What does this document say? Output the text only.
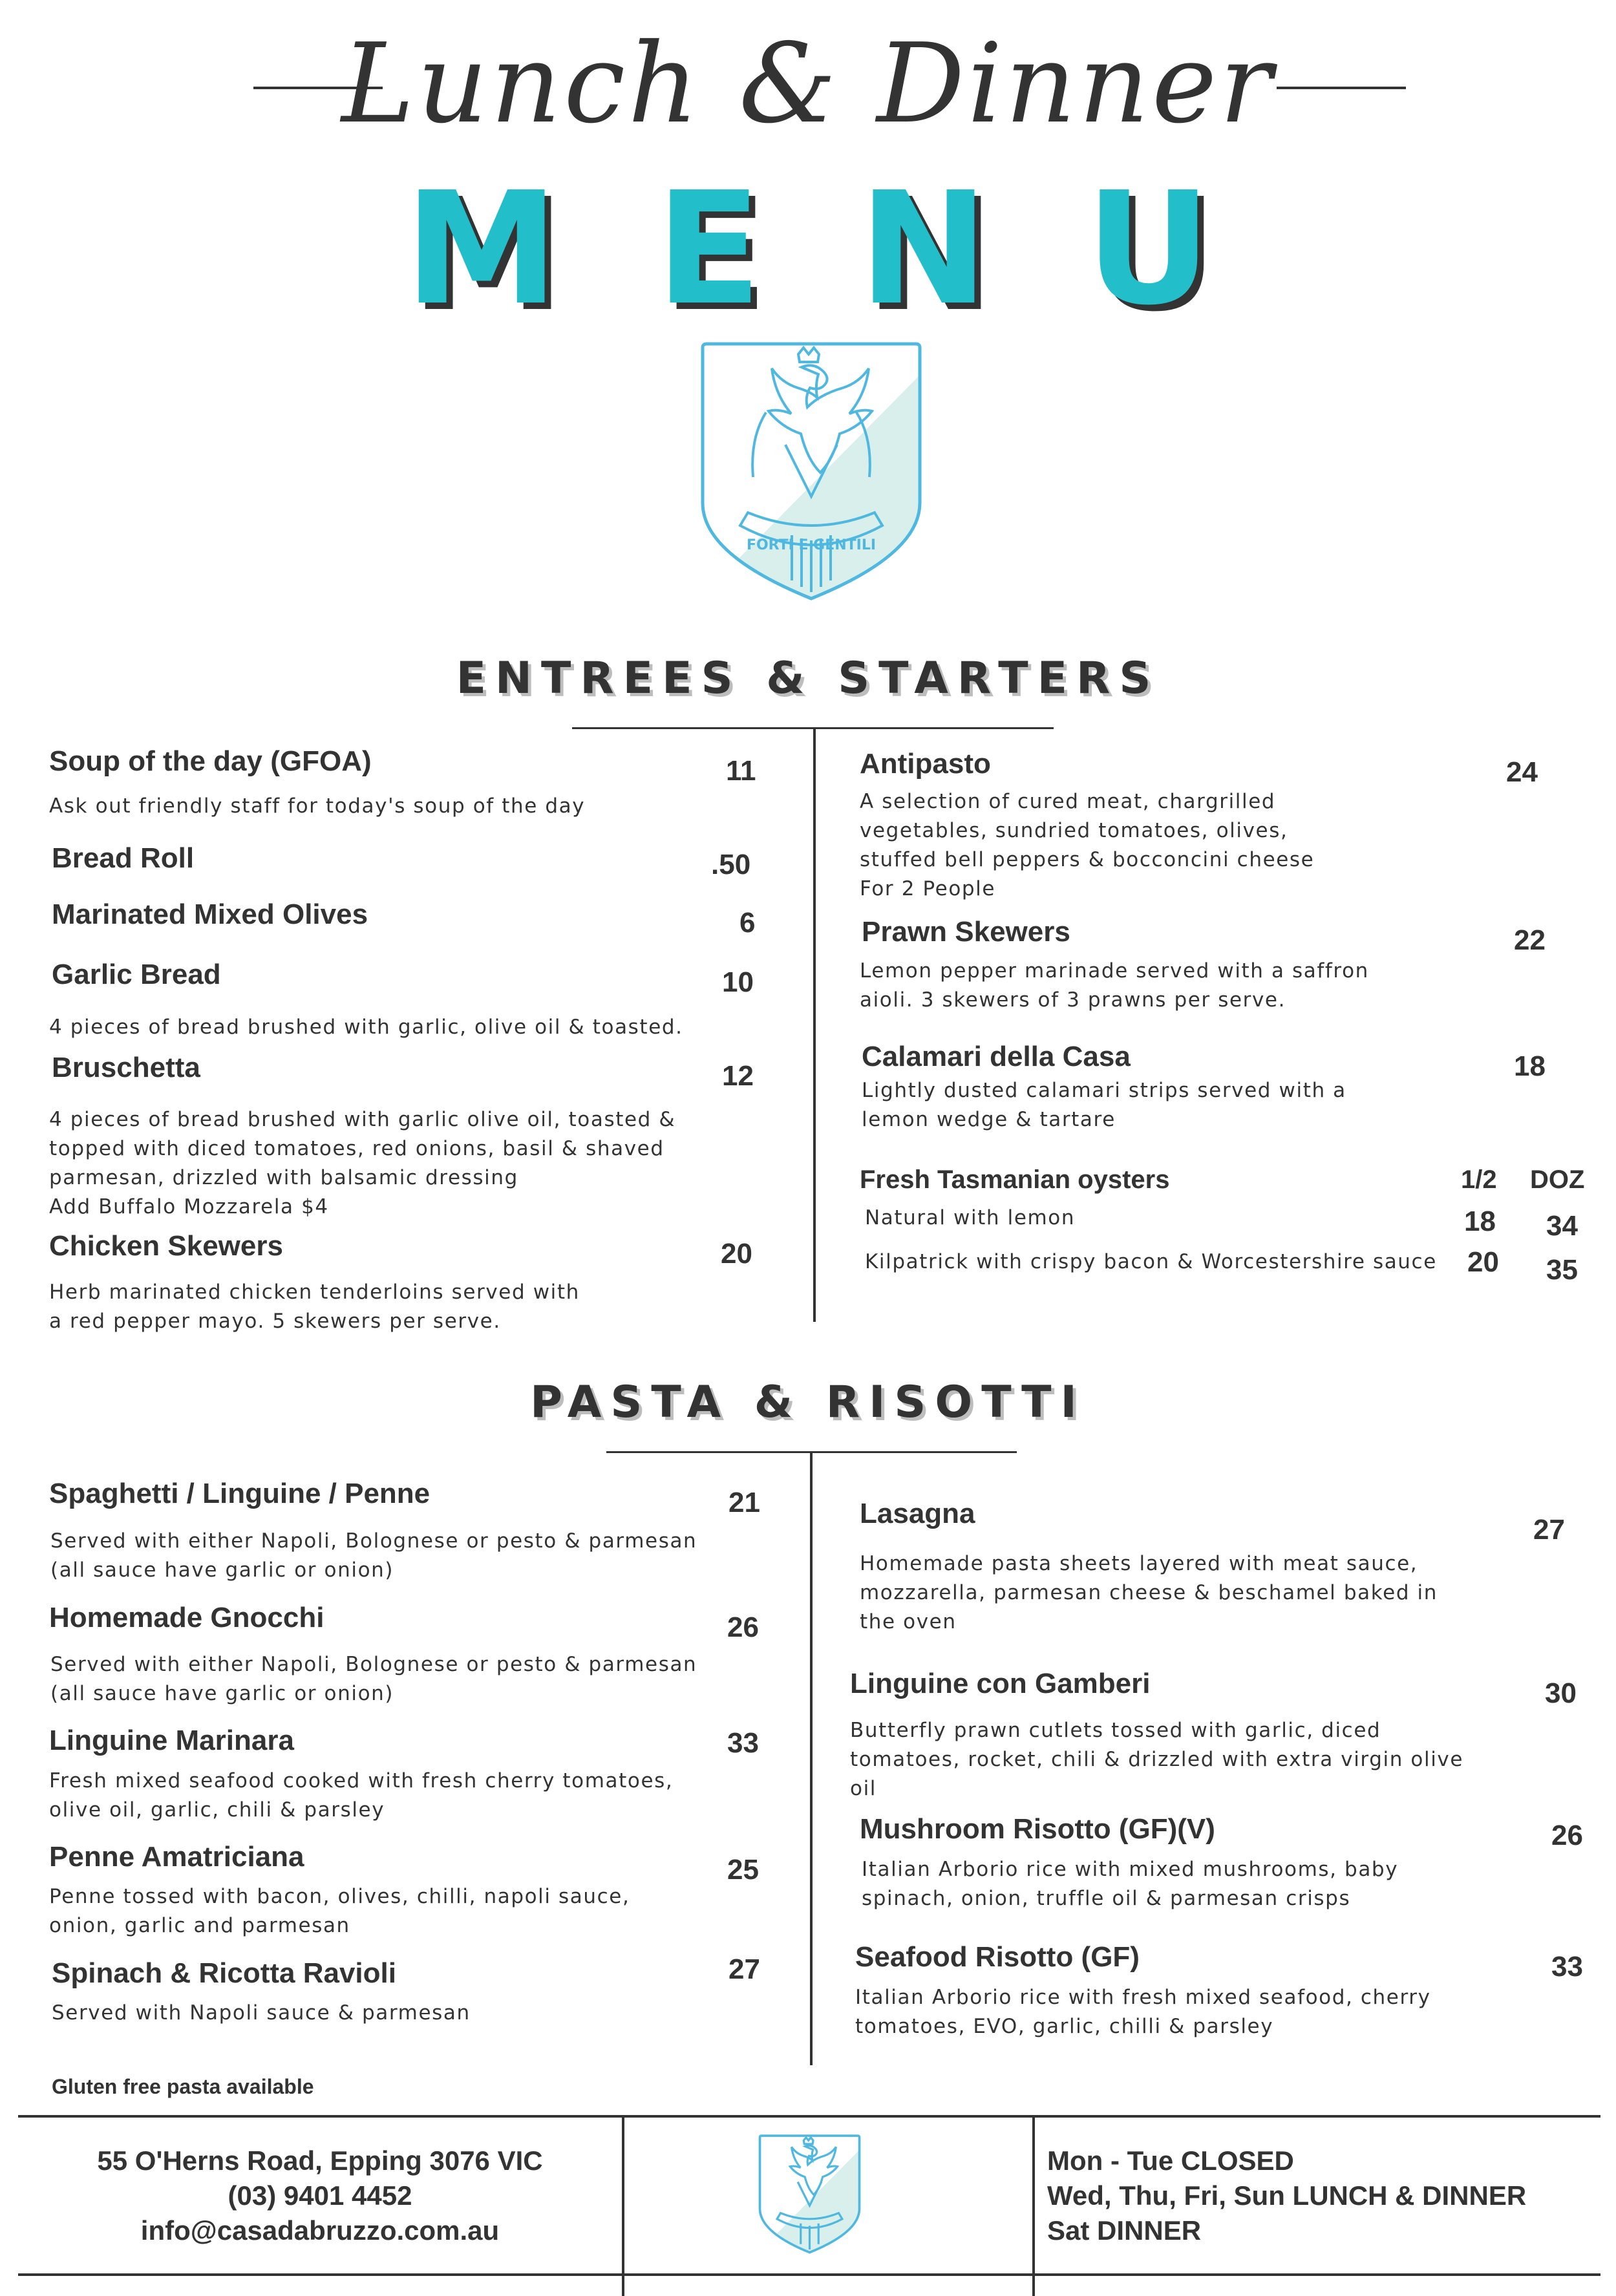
Lunch & Dinner
MENU
FORTI E GENTILI
ENTREES & STARTERS
Soup of the day (GFOA)	11
Ask out friendly staff for today's soup of the day
Bread Roll	.50
Marinated Mixed Olives	6
Garlic Bread	10
4 pieces of bread brushed with garlic, olive oil & toasted.
Bruschetta	12
4 pieces of bread brushed with garlic olive oil, toasted &
topped with diced tomatoes, red onions, basil & shaved
parmesan, drizzled with balsamic dressing
Add Buffalo Mozzarela $4
Chicken Skewers	20
Herb marinated chicken tenderloins served with
a red pepper mayo. 5 skewers per serve.
Antipasto	24
A selection of cured meat, chargrilled
vegetables, sundried tomatoes, olives,
stuffed bell peppers & bocconcini cheese
For 2 People
Prawn Skewers	22
Lemon pepper marinade served with a saffron
aioli. 3 skewers of 3 prawns per serve.
Calamari della Casa	18
Lightly dusted calamari strips served with a
lemon wedge & tartare
Fresh Tasmanian oysters	1/2 DOZ
Natural with lemon	18 34
Kilpatrick with crispy bacon & Worcestershire sauce 20 35
PASTA & RISOTTI
Spaghetti / Linguine / Penne	21
Served with either Napoli, Bolognese or pesto & parmesan
(all sauce have garlic or onion)
Homemade Gnocchi	26
Served with either Napoli, Bolognese or pesto & parmesan
(all sauce have garlic or onion)
Linguine Marinara	33
Fresh mixed seafood cooked with fresh cherry tomatoes,
olive oil, garlic, chili & parsley
Penne Amatriciana	25
Penne tossed with bacon, olives, chilli, napoli sauce,
onion, garlic and parmesan
Spinach & Ricotta Ravioli	27
Served with Napoli sauce & parmesan
Gluten free pasta available
Lasagna
27
Homemade pasta sheets layered with meat sauce,
mozzarella, parmesan cheese & beschamel baked in
the oven
Linguine con Gamberi	30
Butterfly prawn cutlets tossed with garlic, diced
tomatoes, rocket, chili & drizzled with extra virgin olive
oil
Mushroom Risotto (GF)(V)	26
Italian Arborio rice with mixed mushrooms, baby
spinach, onion, truffle oil & parmesan crisps
Seafood Risotto (GF)	33
Italian Arborio rice with fresh mixed seafood, cherry
tomatoes, EVO, garlic, chilli & parsley
55 O'Herns Road, Epping 3076 VIC
(03) 9401 4452
info@casadabruzzo.com.au
Mon - Tue CLOSED
Wed, Thu, Fri, Sun LUNCH & DINNER
Sat DINNER
